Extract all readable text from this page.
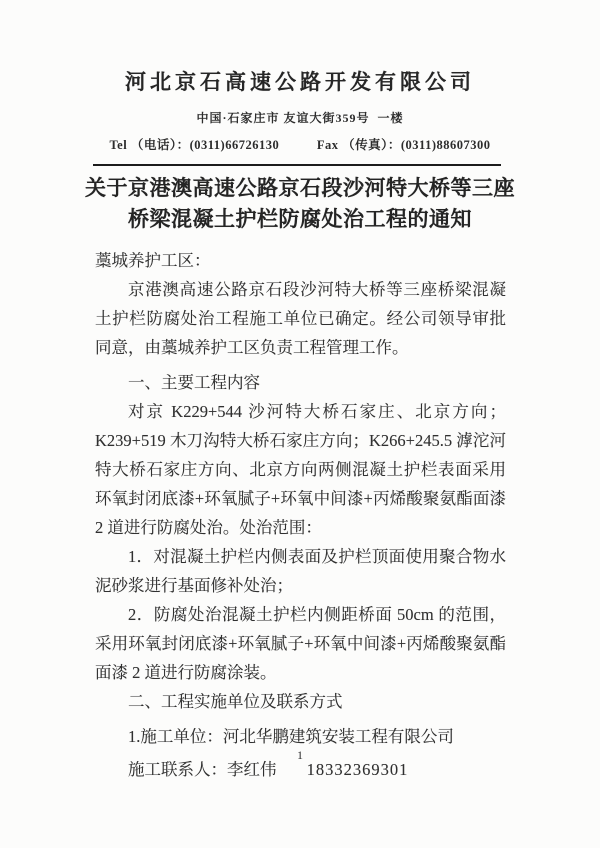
河北京石高速公路开发有限公司
中国·石家庄市 友谊大街359号  一楼
Tel （电话）：(0311)66726130	Fax （传真）：(0311)88607300
关于京港澳高速公路京石段沙河特大桥等三座
桥梁混凝土护栏防腐处治工程的通知

藁城养护工区：

京港澳高速公路京石段沙河特大桥等三座桥梁混凝土护栏防腐处治工程施工单位已确定。经公司领导审批同意，由藁城养护工区负责工程管理工作。

一、主要工程内容

对京 K229+544 沙河特大桥石家庄、北京方向；K239+519 木刀沟特大桥石家庄方向；K266+245.5 滹沱河特大桥石家庄方向、北京方向两侧混凝土护栏表面采用环氧封闭底漆+环氧腻子+环氧中间漆+丙烯酸聚氨酯面漆 2 道进行防腐处治。处治范围：

1．对混凝土护栏内侧表面及护栏顶面使用聚合物水泥砂浆进行基面修补处治；

2．防腐处治混凝土护栏内侧距桥面 50cm 的范围，采用环氧封闭底漆+环氧腻子+环氧中间漆+丙烯酸聚氨酯面漆 2 道进行防腐涂装。

二、工程实施单位及联系方式

1.施工单位：河北华鹏建筑安装工程有限公司

施工联系人：李红伟 18332369301

1
